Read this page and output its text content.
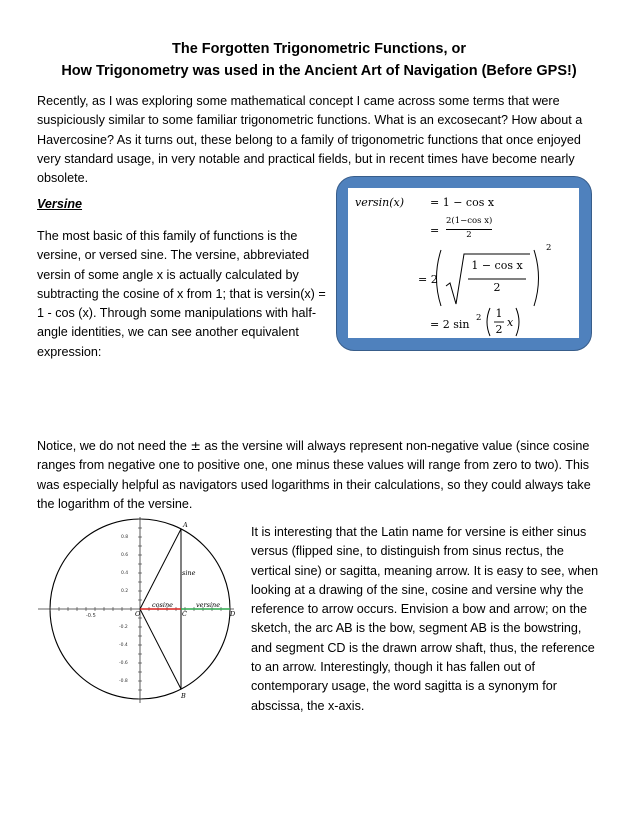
The Forgotten Trigonometric Functions, or
How Trigonometry was used in the Ancient Art of Navigation (Before GPS!)
Recently, as I was exploring some mathematical concept I came across some terms that were
suspiciously similar to some familiar trigonometric functions. What is an excosecant? How about a
Havercosine? As it turns out, these belong to a family of trigonometric functions that once enjoyed
very standard usage, in very notable and practical fields, but in recent times have become nearly
obsolete.
Versine
The most basic of this family of functions is the
versine, or versed sine. The versine, abbreviated
versin of some angle x is actually calculated by
subtracting the cosine of x from 1; that is versin(x) =
1 - cos (x). Through some manipulations with half-
angle identities, we can see another equivalent
expression:
versin(x) = 1 − cos x
=
2(1−cos x)
2
= 2
1 − cos x
2
2
= 2 sin 2 1
2
x
Notice, we do not need the ± as the versine will always represent non-negative value (since cosine
ranges from negative one to positive one, one minus these values will range from zero to two). This
was especially helpful as navigators used logarithms in their calculations, so they could always take
the logarithm of the versine.
-0.5
0.8
0.6
0.4
0.2
-0.2
-0.4
-0.6
-0.8
A
B
C	D
O
sine
cosine	versine
It is interesting that the Latin name for versine is either sinus
versus (flipped sine, to distinguish from sinus rectus, the
vertical sine) or sagitta, meaning arrow. It is easy to see, when
looking at a drawing of the sine, cosine and versine why the
reference to arrow occurs. Envision a bow and arrow; on the
sketch, the arc AB is the bow, segment AB is the bowstring,
and segment CD is the drawn arrow shaft, thus, the reference
to an arrow. Interestingly, though it has fallen out of
contemporary usage, the word sagitta is a synonym for
abscissa, the x-axis.
